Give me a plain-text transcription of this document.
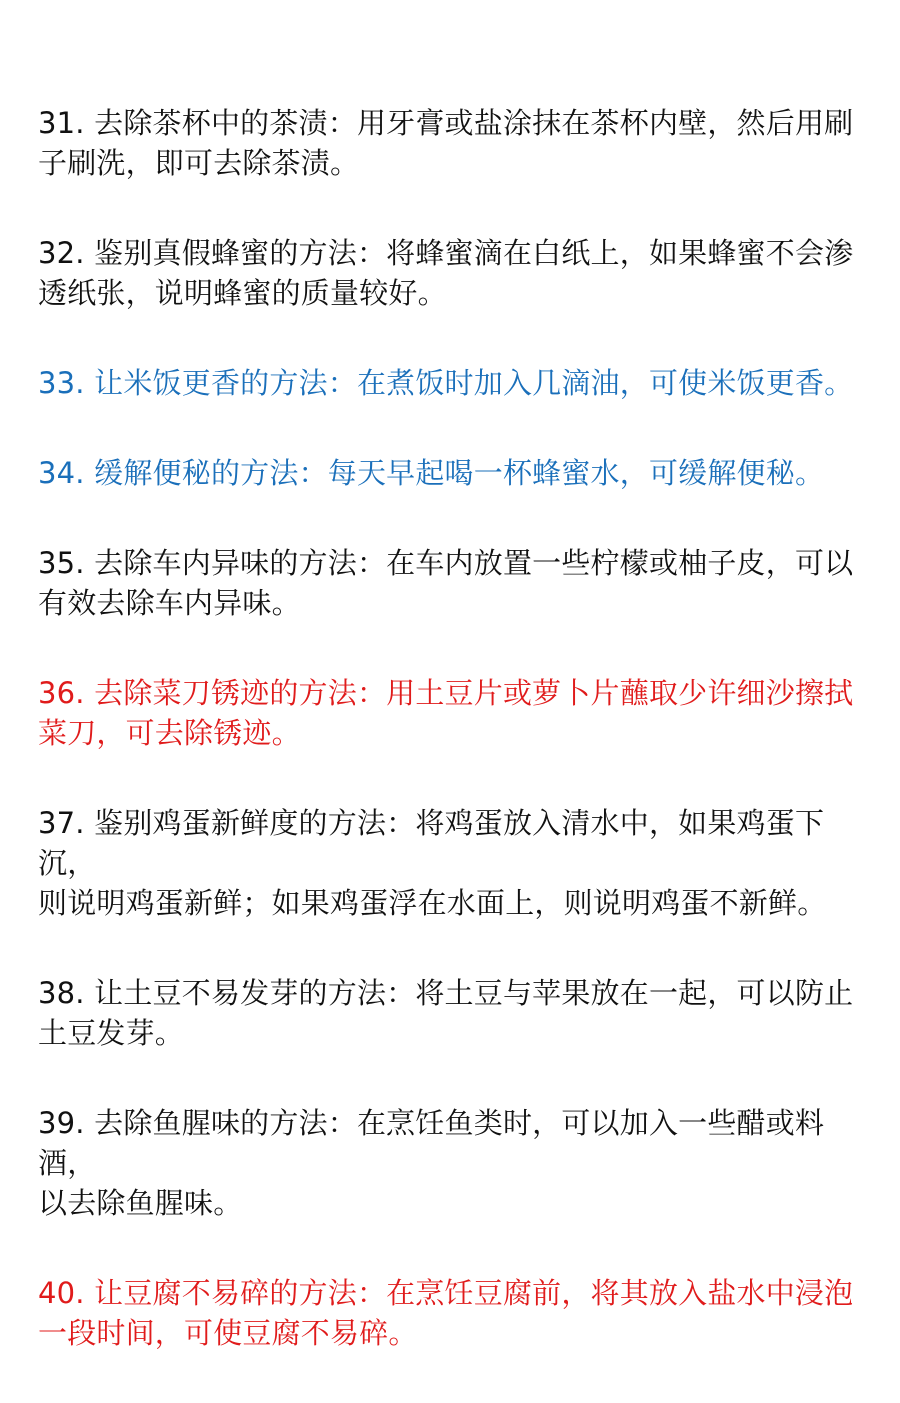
31. 去除茶杯中的茶渍：用牙膏或盐涂抹在茶杯内壁，然后用刷
子刷洗，即可去除茶渍。

32. 鉴别真假蜂蜜的方法：将蜂蜜滴在白纸上，如果蜂蜜不会渗
透纸张，说明蜂蜜的质量较好。

33. 让米饭更香的方法：在煮饭时加入几滴油，可使米饭更香。

34. 缓解便秘的方法：每天早起喝一杯蜂蜜水，可缓解便秘。

35. 去除车内异味的方法：在车内放置一些柠檬或柚子皮，可以
有效去除车内异味。

36. 去除菜刀锈迹的方法：用土豆片或萝卜片蘸取少许细沙擦拭
菜刀，可去除锈迹。

37. 鉴别鸡蛋新鲜度的方法：将鸡蛋放入清水中，如果鸡蛋下沉，
则说明鸡蛋新鲜；如果鸡蛋浮在水面上，则说明鸡蛋不新鲜。

38. 让土豆不易发芽的方法：将土豆与苹果放在一起，可以防止
土豆发芽。

39. 去除鱼腥味的方法：在烹饪鱼类时，可以加入一些醋或料酒，
以去除鱼腥味。

40. 让豆腐不易碎的方法：在烹饪豆腐前，将其放入盐水中浸泡
一段时间，可使豆腐不易碎。
